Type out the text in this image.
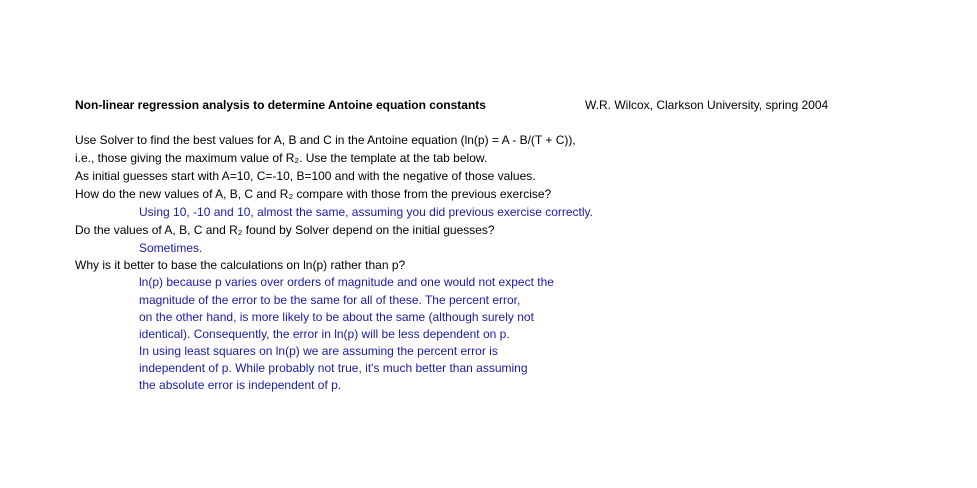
Non-linear regression analysis to determine Antoine equation constants	W.R. Wilcox, Clarkson University, spring 2004
Use Solver to find the best values for A, B and C in the Antoine equation (ln(p) = A - B/(T + C)),
i.e., those giving the maximum value of R₂. Use the template at the tab below.
As initial guesses start with A=10, C=-10, B=100 and with the negative of those values.
How do the new values of A, B, C and R₂ compare with those from the previous exercise?
Using 10, -10 and 10, almost the same, assuming you did previous exercise correctly.
Do the values of A, B, C and R₂ found by Solver depend on the initial guesses?
Sometimes.
Why is it better to base the calculations on ln(p) rather than p?
ln(p) because p varies over orders of magnitude and one would not expect the
magnitude of the error to be the same for all of these. The percent error,
on the other hand, is more likely to be about the same (although surely not
identical). Consequently, the error in ln(p) will be less dependent on p.
In using least squares on ln(p) we are assuming the percent error is
independent of p. While probably not true, it's much better than assuming
the absolute error is independent of p.
